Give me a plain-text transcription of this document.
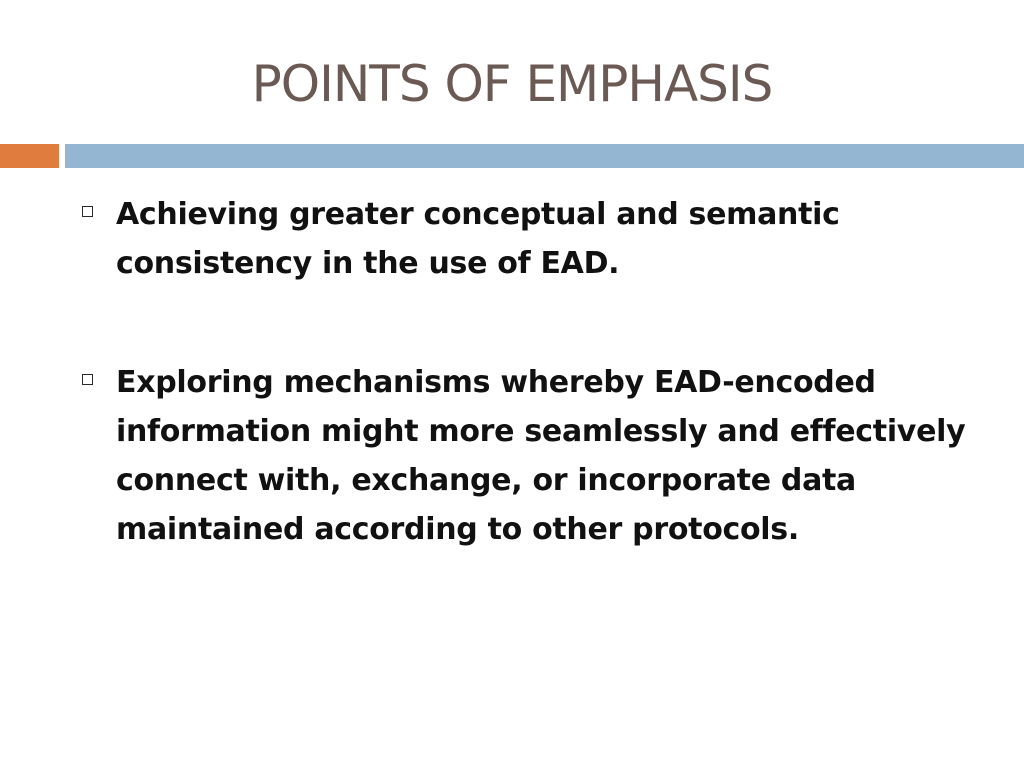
POINTS OF EMPHASIS
Achieving greater conceptual and semantic consistency in the use of EAD.
Exploring mechanisms whereby EAD-encoded information might more seamlessly and effectively connect with, exchange, or incorporate data maintained according to other protocols.
